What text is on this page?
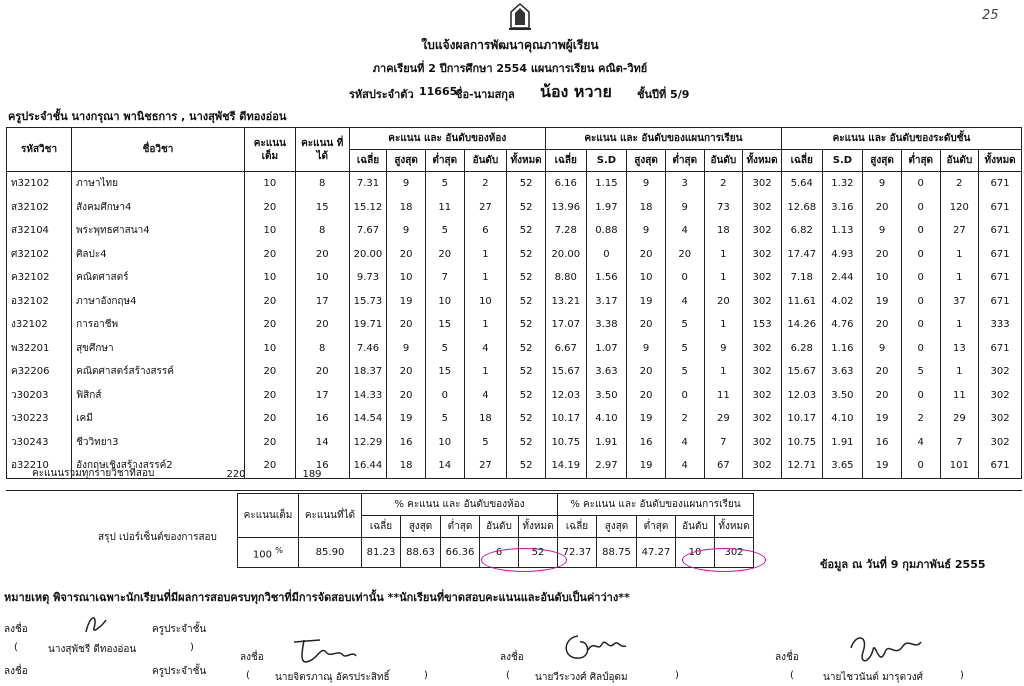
25
ใบแจ้งผลการพัฒนาคุณภาพผู้เรียน
ภาคเรียนที่ 2 ปีการศึกษา 2554 แผนการเรียน คณิต-วิทย์
รหัสประจำตัว 11665
ชื่อ-นามสกุล น้อง หวาย ชั้นปีที่ 5/9
ครูประจำชั้น นางกรุณา พานิชธการ , นางสุพัชรี ดีทองอ่อน
รหัสวิชา	ชื่อวิชา	คะแนน เต็ม	คะแนน ที่ได้	คะแนน และ อันดับของห้อง					คะแนน และ อันดับของแผนการเรียน						คะแนน และ อันดับของระดับชั้น					
				เฉลี่ย	สูงสุด	ต่ำสุด	อันดับ	ทั้งหมด	เฉลี่ย	S.D	สูงสุด	ต่ำสุด	อันดับ	ทั้งหมด	เฉลี่ย	S.D	สูงสุด	ต่ำสุด	อันดับ	ทั้งหมด
ท32102	ภาษาไทย	10	8	7.31	9	5	2	52	6.16	1.15	9	3	2	302	5.64	1.32	9	0	2	671
ส32102	สังคมศึกษา4	20	15	15.12	18	11	27	52	13.96	1.97	18	9	73	302	12.68	3.16	20	0	120	671
ส32104	พระพุทธศาสนา4	10	8	7.67	9	5	6	52	7.28	0.88	9	4	18	302	6.82	1.13	9	0	27	671
ศ32102	ศิลปะ4	20	20	20.00	20	20	1	52	20.00	0	20	20	1	302	17.47	4.93	20	0	1	671
ค32102	คณิตศาสตร์	10	10	9.73	10	7	1	52	8.80	1.56	10	0	1	302	7.18	2.44	10	0	1	671
อ32102	ภาษาอังกฤษ4	20	17	15.73	19	10	10	52	13.21	3.17	19	4	20	302	11.61	4.02	19	0	37	671
ง32102	การอาชีพ	20	20	19.71	20	15	1	52	17.07	3.38	20	5	1	153	14.26	4.76	20	0	1	333
พ32201	สุขศึกษา	10	8	7.46	9	5	4	52	6.67	1.07	9	5	9	302	6.28	1.16	9	0	13	671
ค32206	คณิตศาสตร์สร้างสรรค์	20	20	18.37	20	15	1	52	15.67	3.63	20	5	1	302	15.67	3.63	20	5	1	302
ว30203	ฟิสิกส์	20	17	14.33	20	0	4	52	12.03	3.50	20	0	11	302	12.03	3.50	20	0	11	302
ว30223	เคมี	20	16	14.54	19	5	18	52	10.17	4.10	19	2	29	302	10.17	4.10	19	2	29	302
ว30243	ชีววิทยา3	20	14	12.29	16	10	5	52	10.75	1.91	16	4	7	302	10.75	1.91	16	4	7	302
อ32210	อังกฤษเชิงสร้างสรรค์2	20	16	16.44	18	14	27	52	14.19	2.97	19	4	67	302	12.71	3.65	19	0	101	671
คะแนนรวมทุกรายวิชาที่สอบ	220	189
สรุป เปอร์เซ็นต์ของการสอบ
คะแนนเต็ม	คะแนนที่ได้	% คะแนน และ อันดับของห้อง					% คะแนน และ อันดับของแผนการเรียน				
		เฉลี่ย	สูงสุด	ต่ำสุด	อันดับ	ทั้งหมด	เฉลี่ย	สูงสุด	ต่ำสุด	อันดับ	ทั้งหมด
100 %	85.90	81.23	88.63	66.36	6	52	72.37	88.75	47.27	10	302
ข้อมูล ณ วันที่ 9 กุมภาพันธ์ 2555
หมายเหตุ พิจารณาเฉพาะนักเรียนที่มีผลการสอบครบทุกวิชาที่มีการจัดสอบเท่านั้น **นักเรียนที่ขาดสอบคะแนนและอันดับเป็นค่าว่าง**
ลงชื่อ	ครูประจำชั้น
(	นางสุพัชรี ดีทองอ่อน	)
ลงชื่อ	ครูประจำชั้น
ลงชื่อ
(	นายจิตรภาณุ อัครประสิทธิ์	)
ลงชื่อ
(	นายวีระวงศ์ ศิลป์อุดม	)
ลงชื่อ
(	นายไชวนันต์ มารุตวงศ์	)
